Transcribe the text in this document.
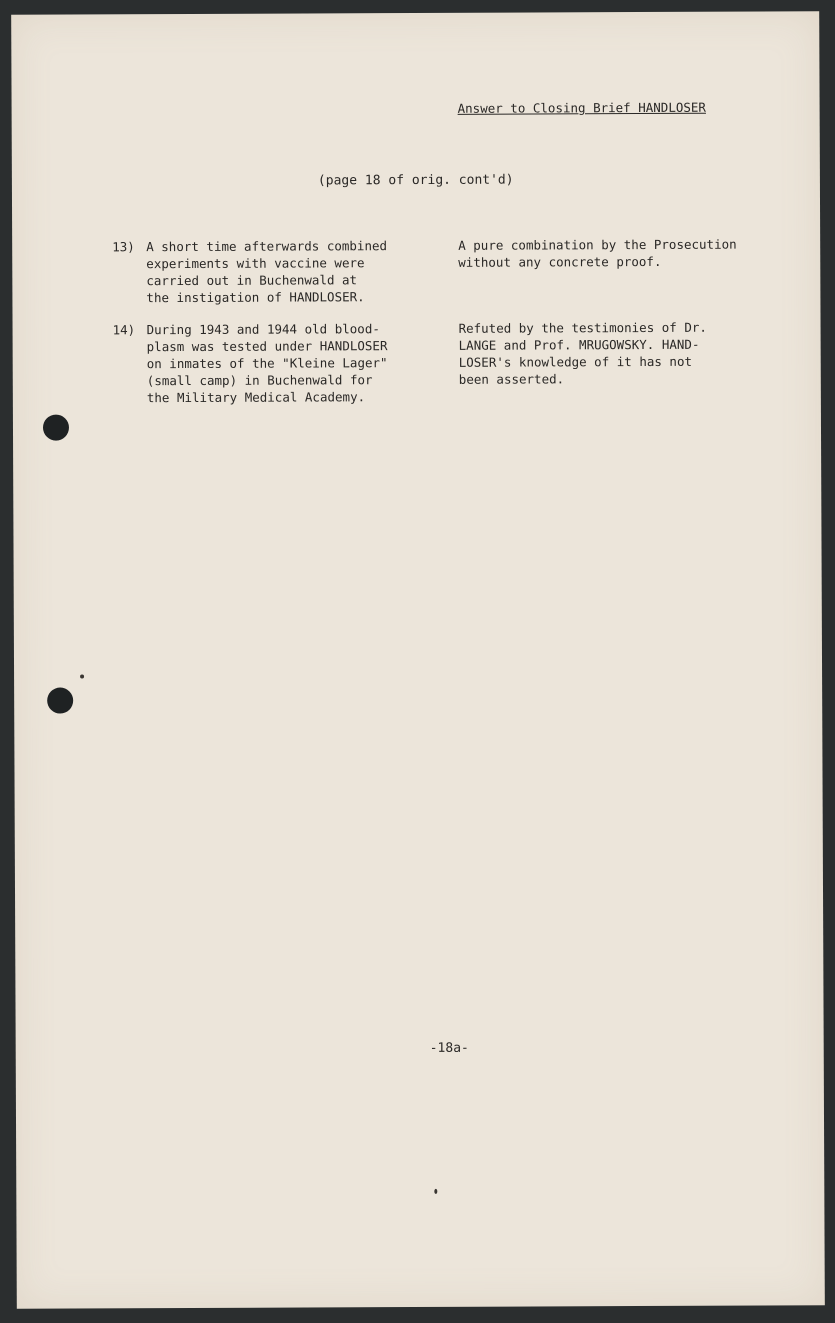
Answer to Closing Brief HANDLOSER
(page 18 of orig. cont'd)
13) A short time afterwards combined
experiments with vaccine were
carried out in Buchenwald at
the instigation of HANDLOSER.
A pure combination by the Prosecution
without any concrete proof.
14) During 1943 and 1944 old blood-
plasm was tested under HANDLOSER
on inmates of the "Kleine Lager"
(small camp) in Buchenwald for
the Military Medical Academy.
Refuted by the testimonies of Dr.
LANGE and Prof. MRUGOWSKY. HAND-
LOSER's knowledge of it has not
been asserted.
-18a-
